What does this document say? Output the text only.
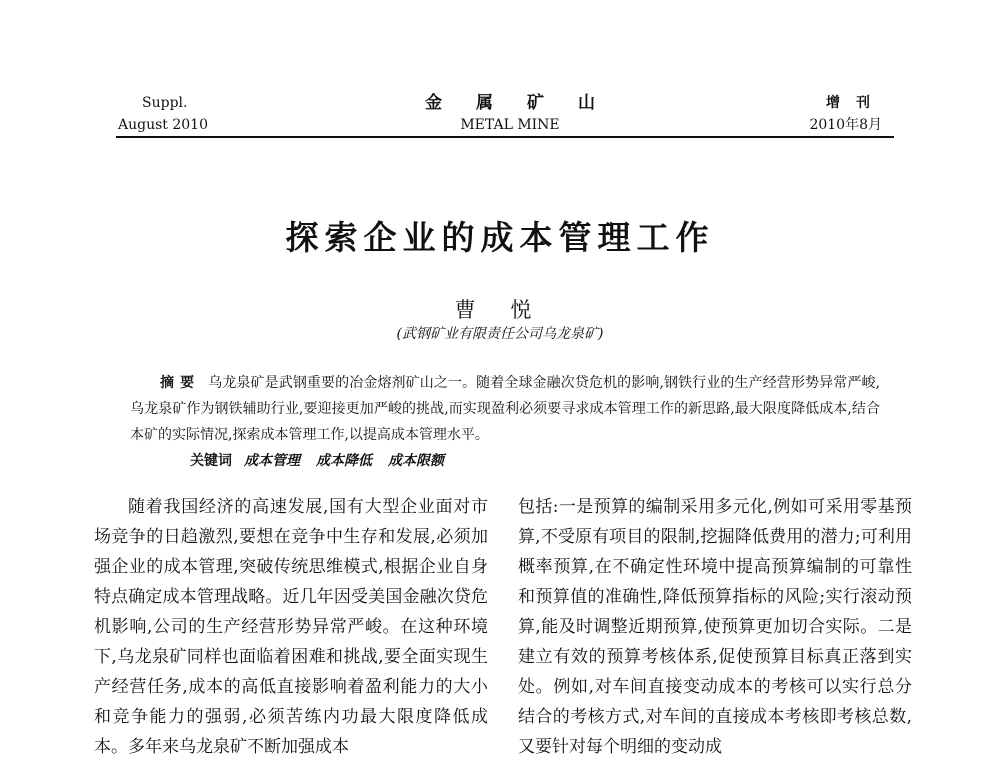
Suppl.
August 2010
金属矿山
METAL MINE
增刊
2010年8月
探索企业的成本管理工作
曹 悦
(武钢矿业有限责任公司乌龙泉矿)

摘要 乌龙泉矿是武钢重要的冶金熔剂矿山之一。随着全球金融次贷危机的影响,钢铁行业的生产经营形势异常严峻,乌龙泉矿作为钢铁辅助行业,要迎接更加严峻的挑战,而实现盈利必须要寻求成本管理工作的新思路,最大限度降低成本,结合本矿的实际情况,探索成本管理工作,以提高成本管理水平。

关键词 成本管理 成本降低 成本限额

随着我国经济的高速发展,国有大型企业面对市场竞争的日趋激烈,要想在竞争中生存和发展,必须加强企业的成本管理,突破传统思维模式,根据企业自身特点确定成本管理战略。近几年因受美国金融次贷危机影响,公司的生产经营形势异常严峻。在这种环境下,乌龙泉矿同样也面临着困难和挑战,要全面实现生产经营任务,成本的高低直接影响着盈利能力的大小和竞争能力的强弱,必须苦练内功最大限度降低成本。多年来乌龙泉矿不断加强成本

包括:一是预算的编制采用多元化,例如可采用零基预算,不受原有项目的限制,挖掘降低费用的潜力;可利用概率预算,在不确定性环境中提高预算编制的可靠性和预算值的准确性,降低预算指标的风险;实行滚动预算,能及时调整近期预算,使预算更加切合实际。二是建立有效的预算考核体系,促使预算目标真正落到实处。例如,对车间直接变动成本的考核可以实行总分结合的考核方式,对车间的直接成本考核即考核总数,又要针对每个明细的变动成
